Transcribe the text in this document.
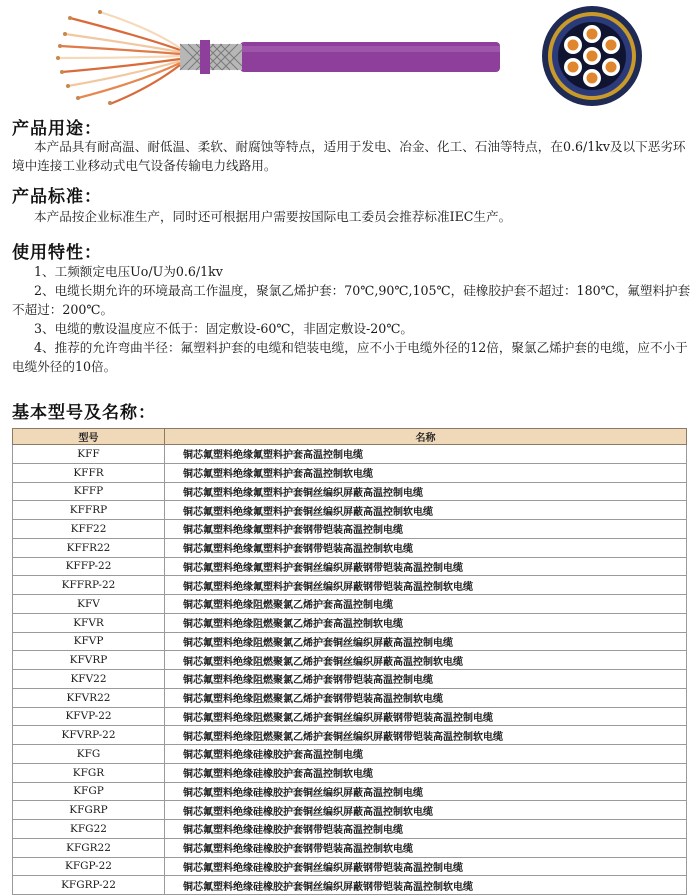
产品用途：
本产品具有耐高温、耐低温、柔软、耐腐蚀等特点，适用于发电、冶金、化工、石油等特点，在0.6/1kv及以下恶劣环境中连接工业移动式电气设备传输电力线路用。
产品标准：
本产品按企业标准生产，同时还可根据用户需要按国际电工委员会推荐标准IEC生产。
使用特性：
1、工频额定电压Uo/U为0.6/1kv
2、电缆长期允许的环境最高工作温度，聚氯乙烯护套：70℃,90℃,105℃，硅橡胶护套不超过：180℃，氟塑料护套不超过：200℃。
3、电缆的敷设温度应不低于：固定敷设-60℃，非固定敷设-20℃。
4、推荐的允许弯曲半径：氟塑料护套的电缆和铠装电缆，应不小于电缆外径的12倍，聚氯乙烯护套的电缆，应不小于电缆外径的10倍。
基本型号及名称：
型号	名称
KFF	铜芯氟塑料绝缘氟塑料护套高温控制电缆
KFFR	铜芯氟塑料绝缘氟塑料护套高温控制软电缆
KFFP	铜芯氟塑料绝缘氟塑料护套铜丝编织屏蔽高温控制电缆
KFFRP	铜芯氟塑料绝缘氟塑料护套铜丝编织屏蔽高温控制软电缆
KFF22	铜芯氟塑料绝缘氟塑料护套钢带铠装高温控制电缆
KFFR22	铜芯氟塑料绝缘氟塑料护套钢带铠装高温控制软电缆
KFFP-22	铜芯氟塑料绝缘氟塑料护套铜丝编织屏蔽钢带铠装高温控制电缆
KFFRP-22	铜芯氟塑料绝缘氟塑料护套铜丝编织屏蔽钢带铠装高温控制软电缆
KFV	铜芯氟塑料绝缘阻燃聚氯乙烯护套高温控制电缆
KFVR	铜芯氟塑料绝缘阻燃聚氯乙烯护套高温控制软电缆
KFVP	铜芯氟塑料绝缘阻燃聚氯乙烯护套铜丝编织屏蔽高温控制电缆
KFVRP	铜芯氟塑料绝缘阻燃聚氯乙烯护套铜丝编织屏蔽高温控制软电缆
KFV22	铜芯氟塑料绝缘阻燃聚氯乙烯护套钢带铠装高温控制电缆
KFVR22	铜芯氟塑料绝缘阻燃聚氯乙烯护套钢带铠装高温控制软电缆
KFVP-22	铜芯氟塑料绝缘阻燃聚氯乙烯护套铜丝编织屏蔽钢带铠装高温控制电缆
KFVRP-22	铜芯氟塑料绝缘阻燃聚氯乙烯护套铜丝编织屏蔽钢带铠装高温控制软电缆
KFG	铜芯氟塑料绝缘硅橡胶护套高温控制电缆
KFGR	铜芯氟塑料绝缘硅橡胶护套高温控制软电缆
KFGP	铜芯氟塑料绝缘硅橡胶护套铜丝编织屏蔽高温控制电缆
KFGRP	铜芯氟塑料绝缘硅橡胶护套铜丝编织屏蔽高温控制软电缆
KFG22	铜芯氟塑料绝缘硅橡胶护套钢带铠装高温控制电缆
KFGR22	铜芯氟塑料绝缘硅橡胶护套钢带铠装高温控制软电缆
KFGP-22	铜芯氟塑料绝缘硅橡胶护套铜丝编织屏蔽钢带铠装高温控制电缆
KFGRP-22	铜芯氟塑料绝缘硅橡胶护套铜丝编织屏蔽钢带铠装高温控制软电缆
